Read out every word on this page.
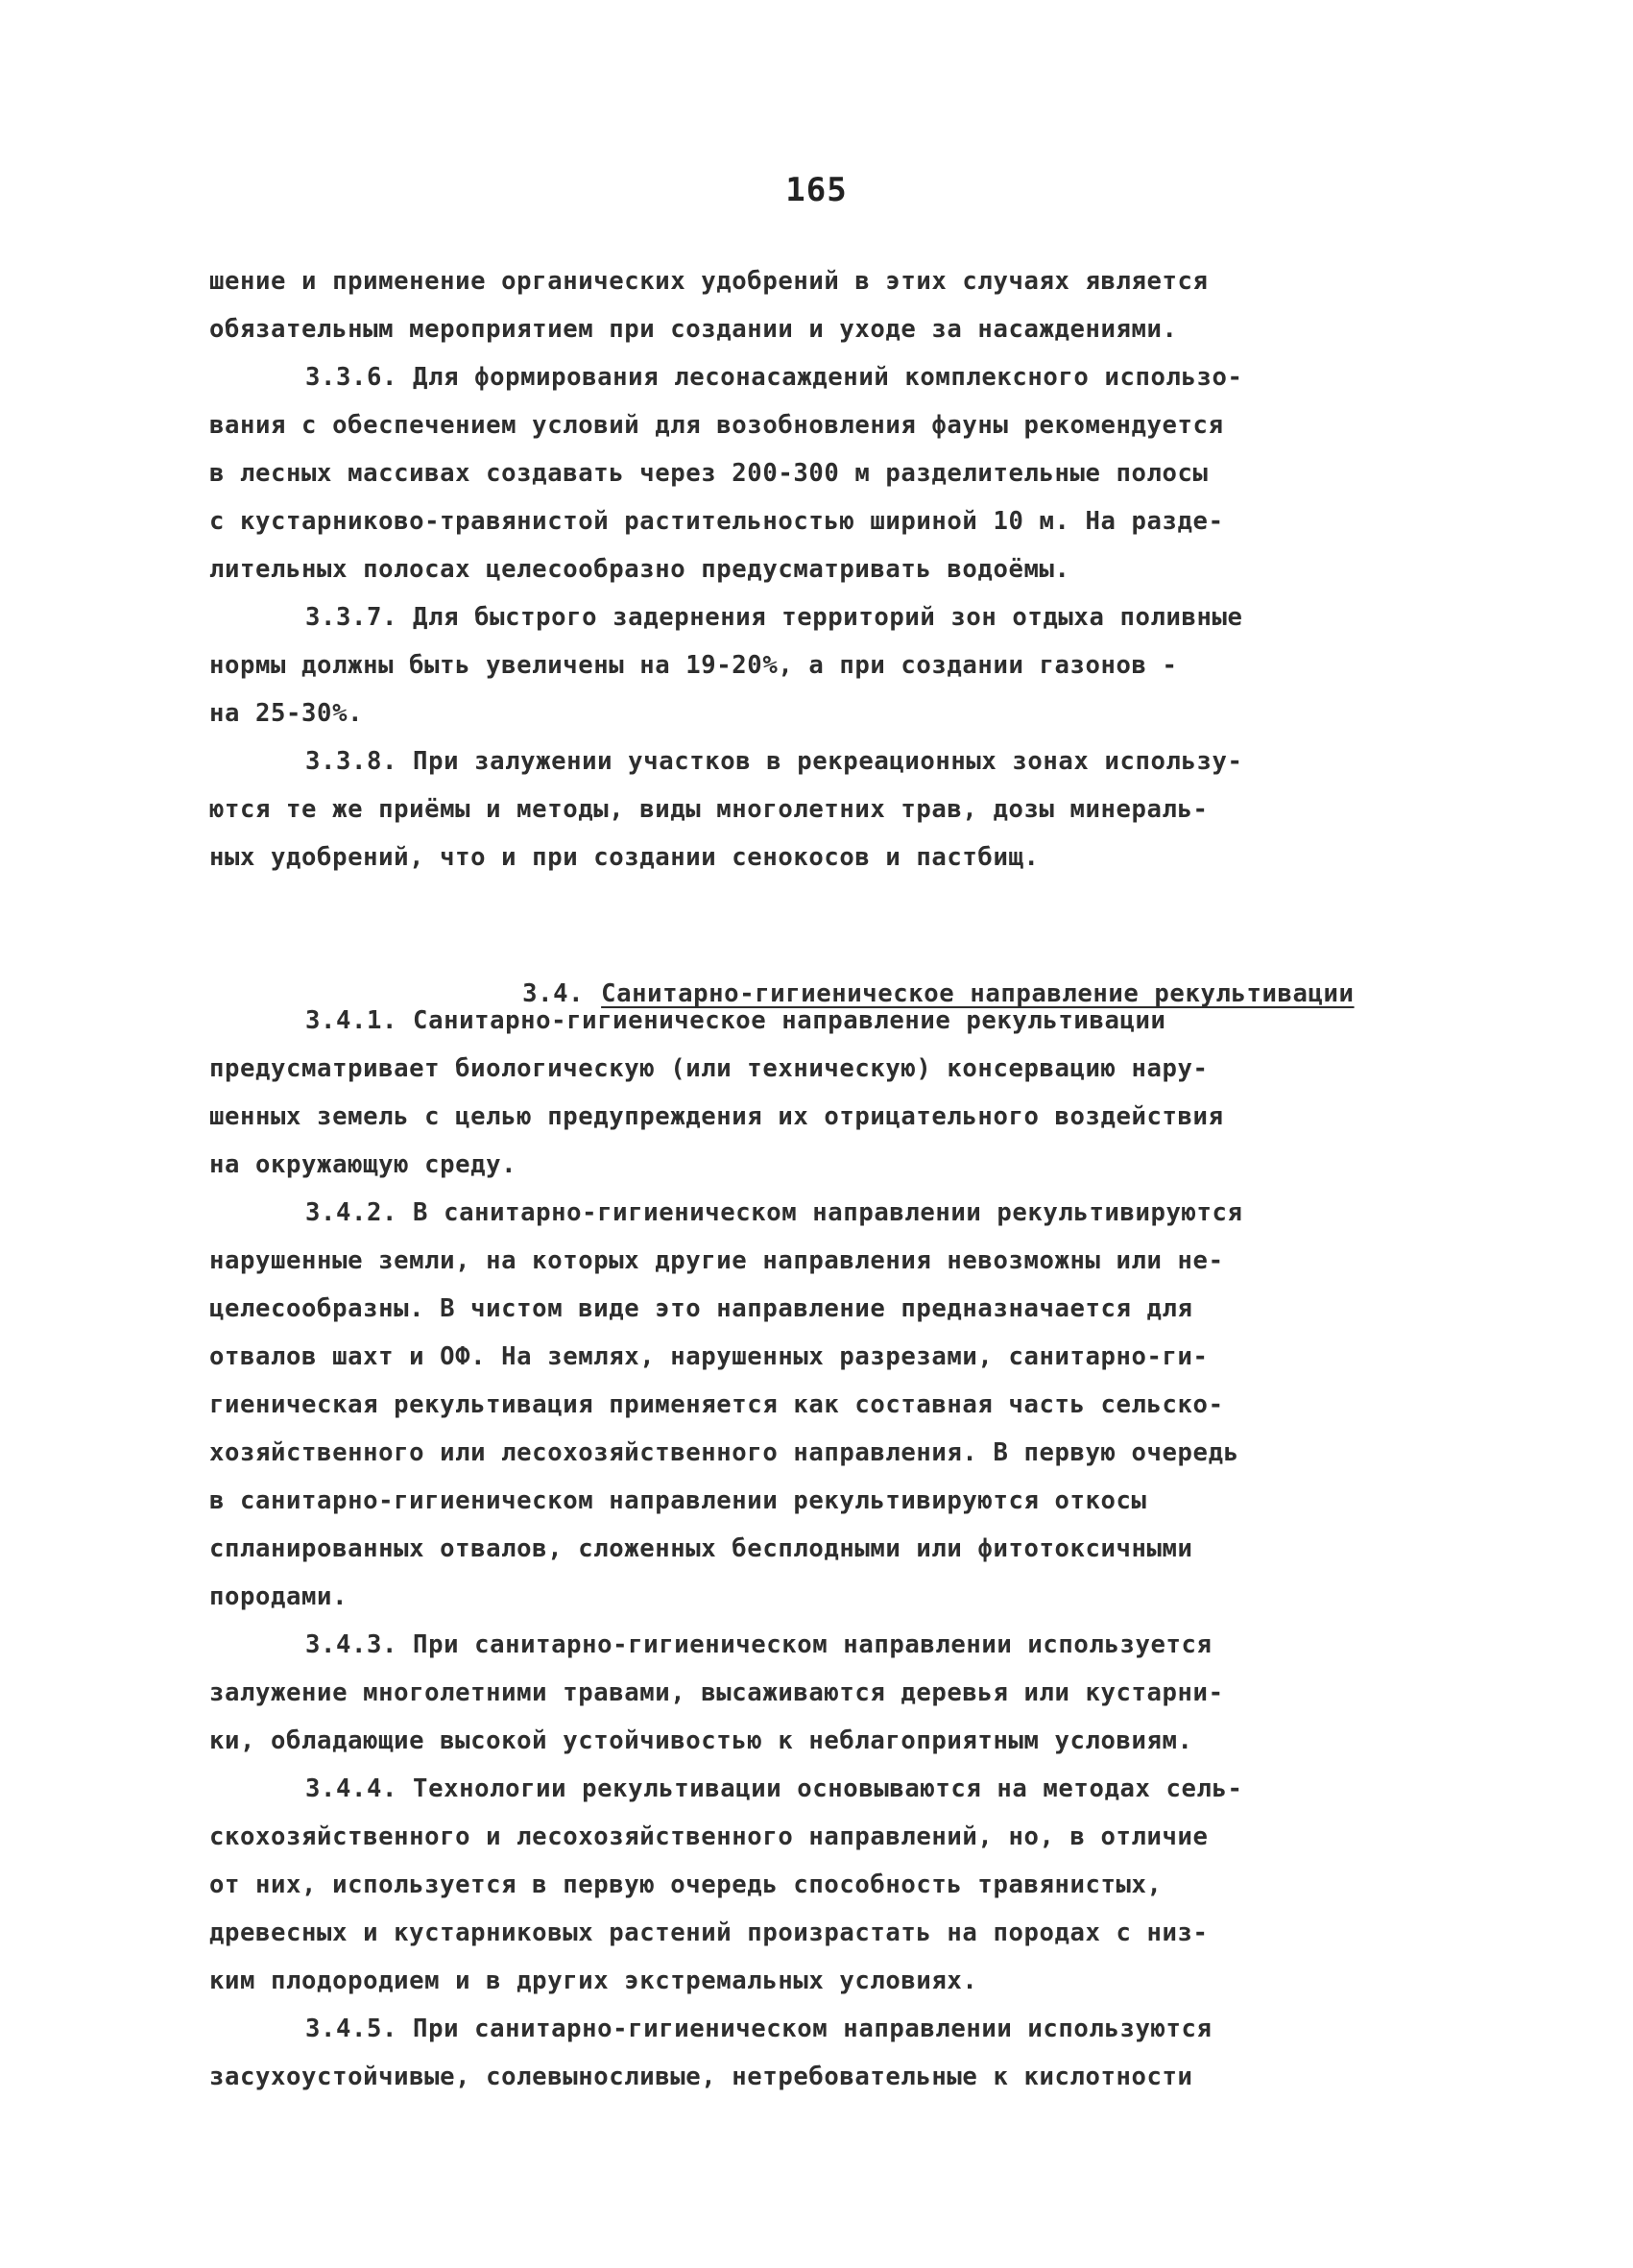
165
шение и применение органических удобрений в этих случаях является
обязательным мероприятием при создании и уходе за насаждениями.
3.3.6. Для формирования лесонасаждений комплексного использо-
вания с обеспечением условий для возобновления фауны рекомендуется
в лесных массивах создавать через 200-300 м разделительные полосы
с кустарниково-травянистой растительностью шириной 10 м. На разде-
лительных полосах целесообразно предусматривать водоёмы.
3.3.7. Для быстрого задернения территорий зон отдыха поливные
нормы должны быть увеличены на 19-20%, а при создании газонов -
на 25-30%.
3.3.8. При залужении участков в рекреационных зонах использу-
ются те же приёмы и методы, виды многолетних трав, дозы минераль-
ных удобрений, что и при создании сенокосов и пастбищ.

3.4. Санитарно-гигиеническое направление рекультивации

3.4.1. Санитарно-гигиеническое направление рекультивации
предусматривает биологическую (или техническую) консервацию нару-
шенных земель с целью предупреждения их отрицательного воздействия
на окружающую среду.
3.4.2. В санитарно-гигиеническом направлении рекультивируются
нарушенные земли, на которых другие направления невозможны или не-
целесообразны. В чистом виде это направление предназначается для
отвалов шахт и ОФ. На землях, нарушенных разрезами, санитарно-ги-
гиеническая рекультивация применяется как составная часть сельско-
хозяйственного или лесохозяйственного направления. В первую очередь
в санитарно-гигиеническом направлении рекультивируются откосы
спланированных отвалов, сложенных бесплодными или фитотоксичными
породами.
3.4.3. При санитарно-гигиеническом направлении используется
залужение многолетними травами, высаживаются деревья или кустарни-
ки, обладающие высокой устойчивостью к неблагоприятным условиям.
3.4.4. Технологии рекультивации основываются на методах сель-
скохозяйственного и лесохозяйственного направлений, но, в отличие
от них, используется в первую очередь способность травянистых,
древесных и кустарниковых растений произрастать на породах с низ-
ким плодородием и в других экстремальных условиях.
3.4.5. При санитарно-гигиеническом направлении используются
засухоустойчивые, солевыносливые, нетребовательные к кислотности
